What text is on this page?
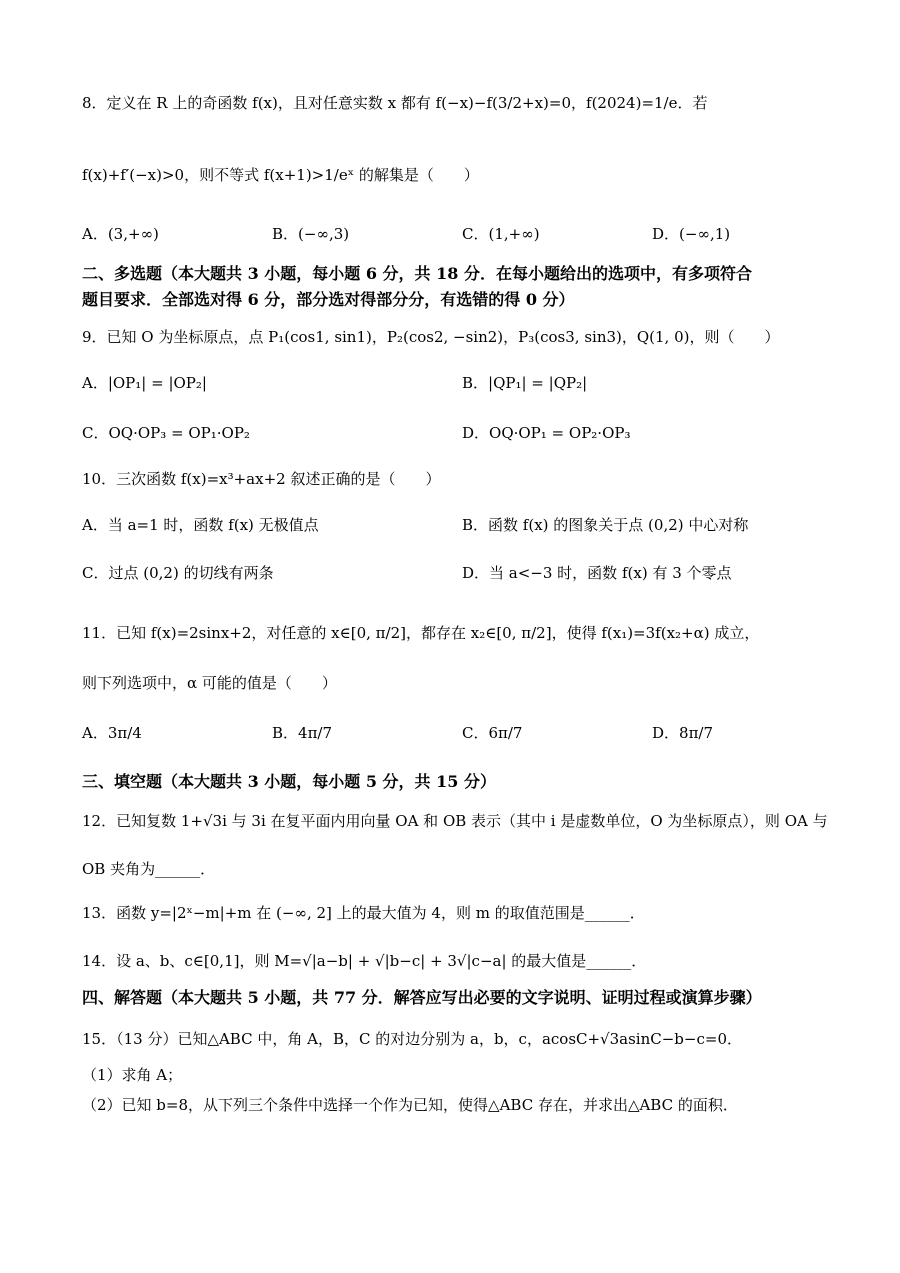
8．定义在 R 上的奇函数 f(x)，且对任意实数 x 都有 f(−x)−f(3/2+x)=0，f(2024)=1/e．若
f(x)+f′(−x)>0，则不等式 f(x+1)>1/eˣ 的解集是（　　）
A．(3,+∞)	B．(−∞,3)	C．(1,+∞)	D．(−∞,1)
二、多选题（本大题共 3 小题，每小题 6 分，共 18 分．在每小题给出的选项中，有多项符合
题目要求．全部选对得 6 分，部分选对得部分分，有选错的得 0 分）
9．已知 O 为坐标原点，点 P₁(cos1, sin1)，P₂(cos2, −sin2)，P₃(cos3, sin3)，Q(1, 0)，则（　　）
A．|OP₁| = |OP₂|	B．|QP₁| = |QP₂|
C．OQ·OP₃ = OP₁·OP₂	D．OQ·OP₁ = OP₂·OP₃
10．三次函数 f(x)=x³+ax+2 叙述正确的是（　　）
A．当 a=1 时，函数 f(x) 无极值点	B．函数 f(x) 的图象关于点 (0,2) 中心对称
C．过点 (0,2) 的切线有两条	D．当 a<−3 时，函数 f(x) 有 3 个零点
11．已知 f(x)=2sinx+2，对任意的 x∈[0, π/2]，都存在 x₂∈[0, π/2]，使得 f(x₁)=3f(x₂+α) 成立，
则下列选项中，α 可能的值是（　　）
A．3π/4	B．4π/7	C．6π/7	D．8π/7
三、填空题（本大题共 3 小题，每小题 5 分，共 15 分）
12．已知复数 1+√3i 与 3i 在复平面内用向量 OA 和 OB 表示（其中 i 是虚数单位，O 为坐标原点），则 OA 与
OB 夹角为______．
13．函数 y=|2ˣ−m|+m 在 (−∞, 2] 上的最大值为 4，则 m 的取值范围是______．
14．设 a、b、c∈[0,1]，则 M=√|a−b| + √|b−c| + 3√|c−a| 的最大值是______．
四、解答题（本大题共 5 小题，共 77 分．解答应写出必要的文字说明、证明过程或演算步骤）
15．（13 分）已知△ABC 中，角 A，B，C 的对边分别为 a，b，c，acosC+√3asinC−b−c=0．
（1）求角 A；
（2）已知 b=8，从下列三个条件中选择一个作为已知，使得△ABC 存在，并求出△ABC 的面积．
